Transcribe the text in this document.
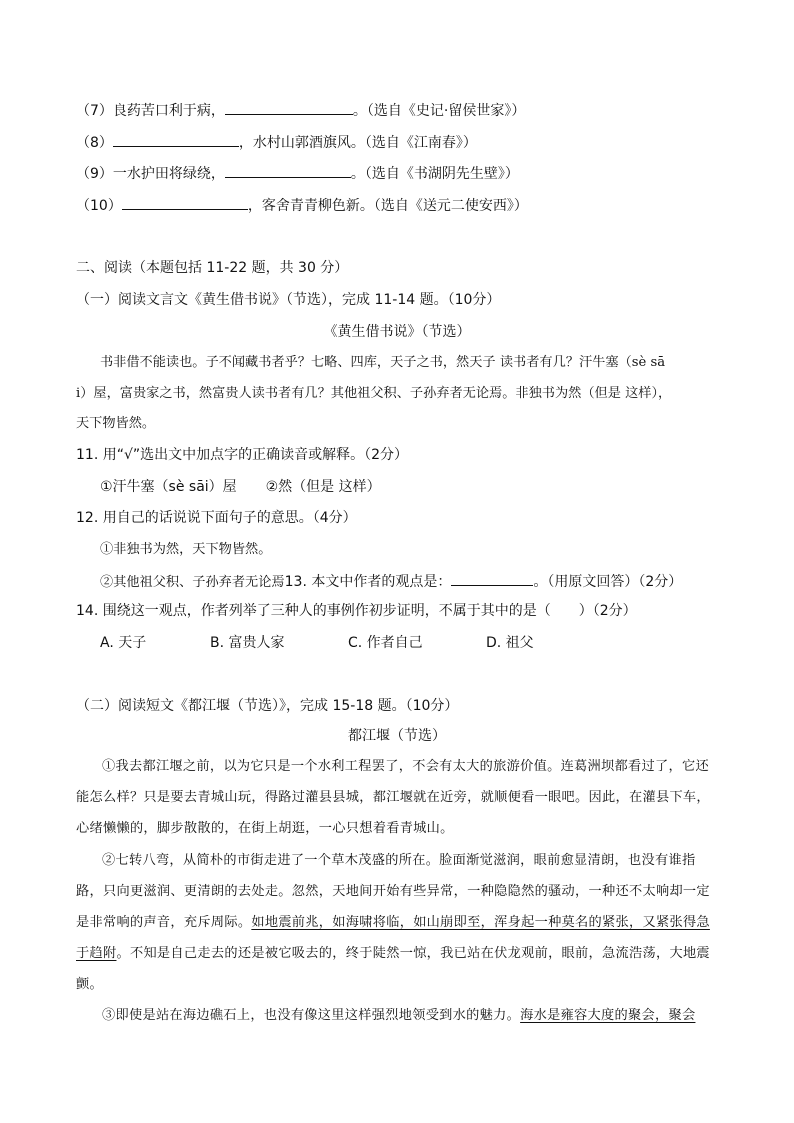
（7）良药苦口利于病，	。（选自《史记·留侯世家》）
（8）	，水村山郭酒旗风。（选自《江南春》）
（9）一水护田将绿绕，	。（选自《书湖阴先生壁》）
（10）	，客舍青青柳色新。（选自《送元二使安西》）
二、阅读（本题包括 11-22 题，共 30 分）
（一）阅读文言文《黄生借书说》（节选），完成 11-14 题。（10分）
《黄生借书说》（节选）
书非借不能读也。子不闻藏书者乎？七略、四库，天子之书，然天子 读书者有几？汗牛塞（sè sā
i）屋，富贵家之书，然富贵人读书者有几？其他祖父积、子孙弃者无论焉。非独书为然（但是 这样），
天下物皆然。
11. 用“√”选出文中加点字的正确读音或解释。（2分）
①汗牛塞（sè sāi）屋 ②然（但是 这样）
12. 用自己的话说说下面句子的意思。（4分）
①非独书为然，天下物皆然。
②其他祖父积、子孙弃者无论焉13. 本文中作者的观点是：	。（用原文回答）（2分）
14. 围绕这一观点，作者列举了三种人的事例作初步证明，不属于其中的是（　　）（2分）
A. 天子	B. 富贵人家	C. 作者自己	D. 祖父
（二）阅读短文《都江堰（节选）》，完成 15-18 题。（10分）
都江堰（节选）
①我去都江堰之前，以为它只是一个水利工程罢了，不会有太大的旅游价值。连葛洲坝都看过了，它还能怎么样？只是要去青城山玩，得路过灌县县城，都江堰就在近旁，就顺便看一眼吧。因此，在灌县下车，心绪懒懒的，脚步散散的，在街上胡逛，一心只想着看青城山。
②七转八弯，从简朴的市街走进了一个草木茂盛的所在。脸面渐觉滋润，眼前愈显清朗，也没有谁指路，只向更滋润、更清朗的去处走。忽然，天地间开始有些异常，一种隐隐然的骚动，一种还不太响却一定是非常响的声音，充斥周际。如地震前兆，如海啸将临，如山崩即至，浑身起一种莫名的紧张，又紧张得急于趋附。不知是自己走去的还是被它吸去的，终于陡然一惊，我已站在伏龙观前，眼前，急流浩荡，大地震颤。
③即使是站在海边礁石上，也没有像这里这样强烈地领受到水的魅力。海水是雍容大度的聚会，聚会
